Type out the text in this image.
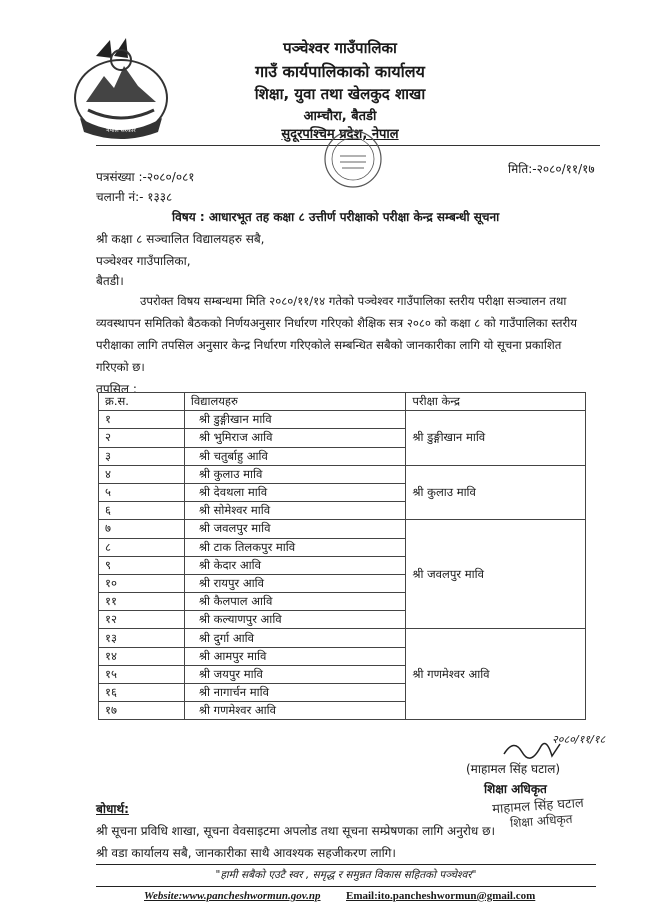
नेपाल सरकार
पञ्चेश्वर गाउँपालिका
गाउँ कार्यपालिकाको कार्यालय
शिक्षा, युवा तथा खेलकुद शाखा
आम्चौरा, बैतडी
सुदूरपश्चिम प्रदेश, नेपाल
पत्रसंख्या :-२०८०/०८१
चलानी नं:- १३३८
मिति:-२०८०/११/१७
विषय : आधारभूत तह कक्षा ८ उत्तीर्ण परीक्षाको परीक्षा केन्द्र सम्बन्धी सूचना
श्री कक्षा ८ सञ्चालित विद्यालयहरु सबै,
पञ्चेश्वर गाउँपालिका,
बैतडी।
उपरोक्त विषय सम्बन्धमा मिति २०८०/११/१४ गतेको पञ्चेश्वर गाउँपालिका स्तरीय परीक्षा सञ्चालन तथा
व्यवस्थापन समितिको बैठकको निर्णयअनुसार निर्धारण गरिएको शैक्षिक सत्र २०८० को कक्षा ८ को गाउँपालिका स्तरीय
परीक्षाका लागि तपसिल अनुसार केन्द्र निर्धारण गरिएकोले सम्बन्धित सबैको जानकारीका लागि यो सूचना प्रकाशित
गरिएको छ।
तपसिल :
क्र.स.	विद्यालयहरु	परीक्षा केन्द्र
१	श्री डुङ्गीखान मावि	श्री डुङ्गीखान मावि
२	श्री भुमिराज आवि	
३	श्री चतुर्बाहु आवि	
४	श्री कुलाउ मावि	श्री कुलाउ मावि
५	श्री देवथला मावि	
६	श्री सोमेश्वर मावि	
७	श्री जवलपुर मावि	श्री जवलपुर मावि
८	श्री टाक तिलकपुर मावि	
९	श्री केदार आवि	
१०	श्री रायपुर आवि	
११	श्री कैलपाल आवि	
१२	श्री कल्याणपुर आवि	
१३	श्री दुर्गा आवि	श्री गणमेश्वर आवि
१४	श्री आमपुर मावि	
१५	श्री जयपुर मावि	
१६	श्री नागार्चन मावि	
१७	श्री गणमेश्वर आवि	
२०८०/११/१८
(माहामल सिंह घटाल)
शिक्षा अधिकृत
माहामल सिंह घटाल
शिक्षा अधिकृत
बोधार्थ:
श्री सूचना प्रविधि शाखा, सूचना वेवसाइटमा अपलोड तथा सूचना सम्प्रेषणका लागि अनुरोध छ।
श्री वडा कार्यालय सबै, जानकारीका साथै आवश्यक सहजीकरण लागि।
"हामी सबैको एउटै स्वर , समृद्ध र समुन्नत विकास सहितको पञ्चेश्वर"
Website:www.pancheshwormun.gov.np Email:ito.pancheshwormun@gmail.com
